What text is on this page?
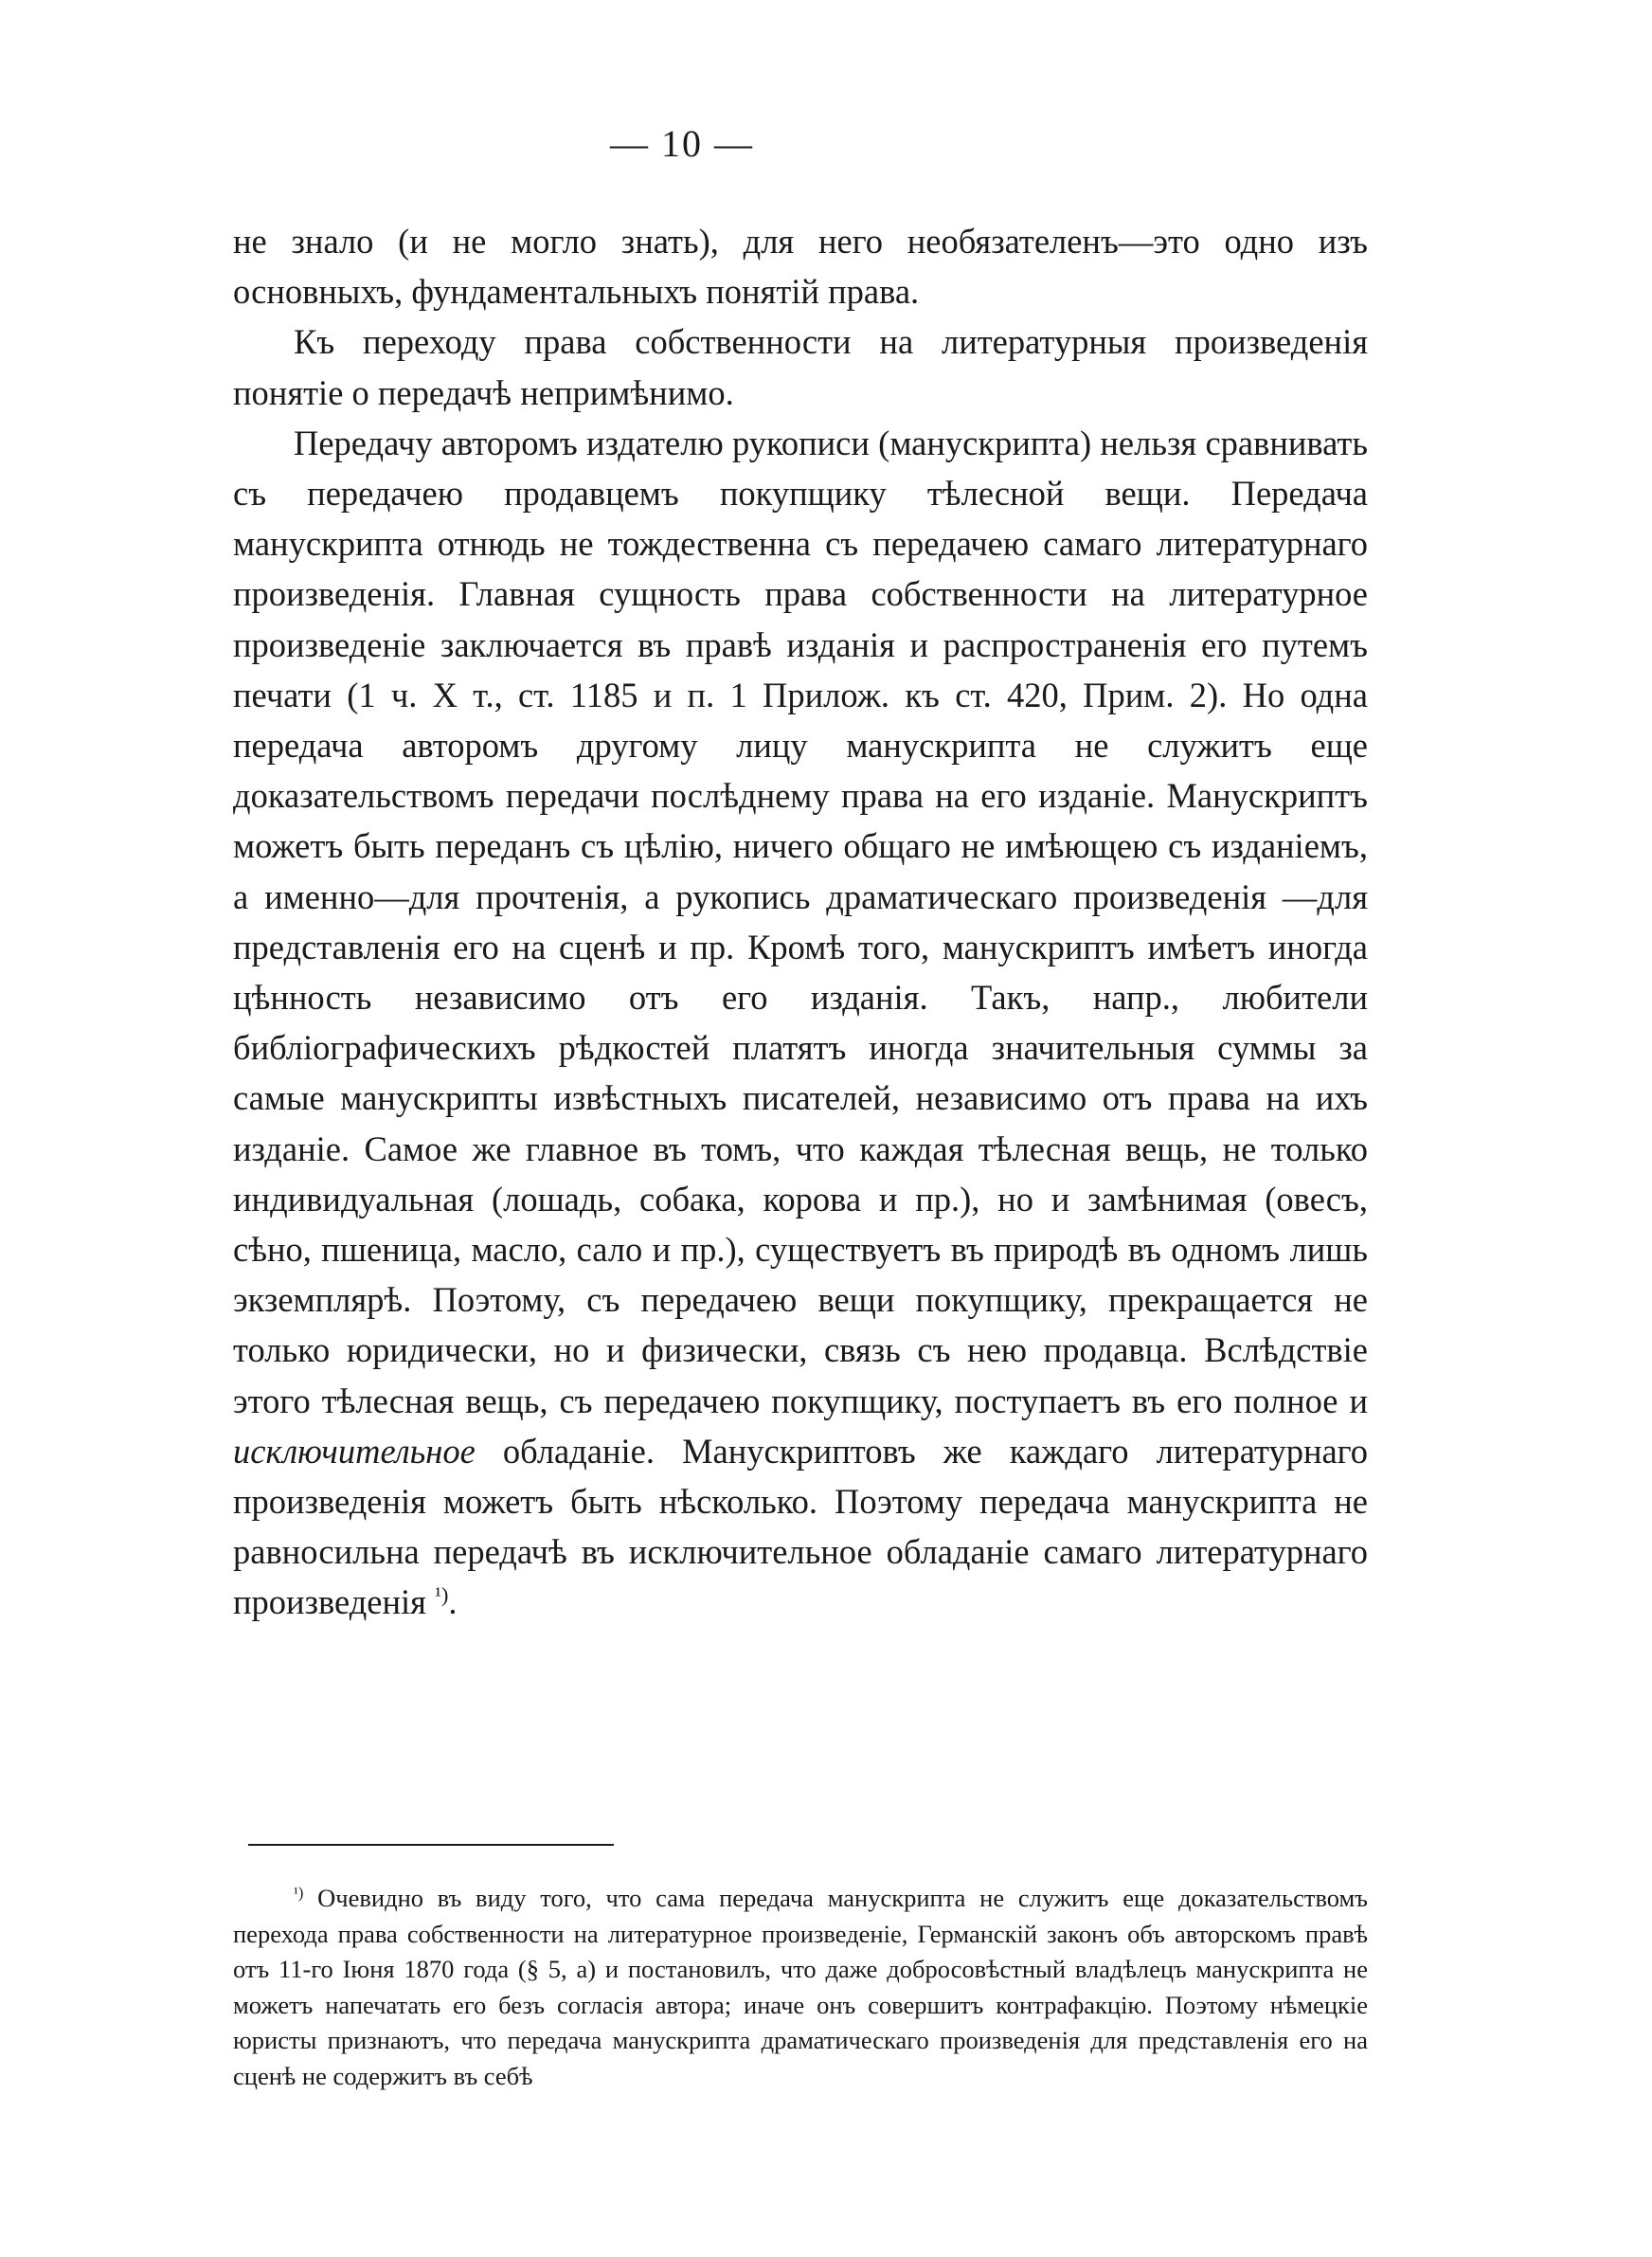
— 10 —

не знало (и не могло знать), для него необязателенъ—это одно изъ основныхъ, фундаментальныхъ понятій права.

Къ переходу права собственности на литературныя произведенія понятіе о передачѣ непримѣнимо.

Передачу авторомъ издателю рукописи (манускрипта) нельзя сравнивать съ передачею продавцемъ покупщику тѣлесной вещи. Передача манускрипта отнюдь не тождественна съ передачею самаго литературнаго произведенія. Главная сущность права собственности на литературное произведеніе заключается въ правѣ изданія и распространенія его путемъ печати (1 ч. X т., ст. 1185 и п. 1 Прилож. къ ст. 420, Прим. 2). Но одна передача авторомъ другому лицу манускрипта не служитъ еще доказательствомъ передачи послѣднему права на его изданіе. Манускриптъ можетъ быть переданъ съ цѣлію, ничего общаго не имѣющею съ изданіемъ, а именно—для прочтенія, а рукопись драматическаго произведенія —для представленія его на сценѣ и пр. Кромѣ того, манускриптъ имѣетъ иногда цѣнность независимо отъ его изданія. Такъ, напр., любители библіографическихъ рѣдкостей платятъ иногда значительныя суммы за самые манускрипты извѣстныхъ писателей, независимо отъ права на ихъ изданіе. Самое же главное въ томъ, что каждая тѣлесная вещь, не только индивидуальная (лошадь, собака, корова и пр.), но и замѣнимая (овесъ, сѣно, пшеница, масло, сало и пр.), существуетъ въ природѣ въ одномъ лишь экземплярѣ. Поэтому, съ передачею вещи покупщику, прекращается не только юридически, но и физически, связь съ нею продавца. Вслѣдствіе этого тѣлесная вещь, съ передачею покупщику, поступаетъ въ его полное и исключительное обладаніе. Манускриптовъ же каждаго литературнаго произведенія можетъ быть нѣсколько. Поэтому передача манускрипта не равносильна передачѣ въ исключительное обладаніе самаго литературнаго произведенія $^{^1)}$.

$^{^1)}$ Очевидно въ виду того, что сама передача манускрипта не служитъ еще доказательствомъ перехода права собственности на литературное произведеніе, Германскій законъ объ авторскомъ правѣ отъ 11-го Іюня 1870 года (§ 5, a) и постановилъ, что даже добросовѣстный владѣлецъ манускрипта не можетъ напечатать его безъ согласія автора; иначе онъ совершитъ контрафакцію. Поэтому нѣмецкіе юристы признаютъ, что передача манускрипта драматическаго произведенія для представленія его на сценѣ не содержитъ въ себѣ
